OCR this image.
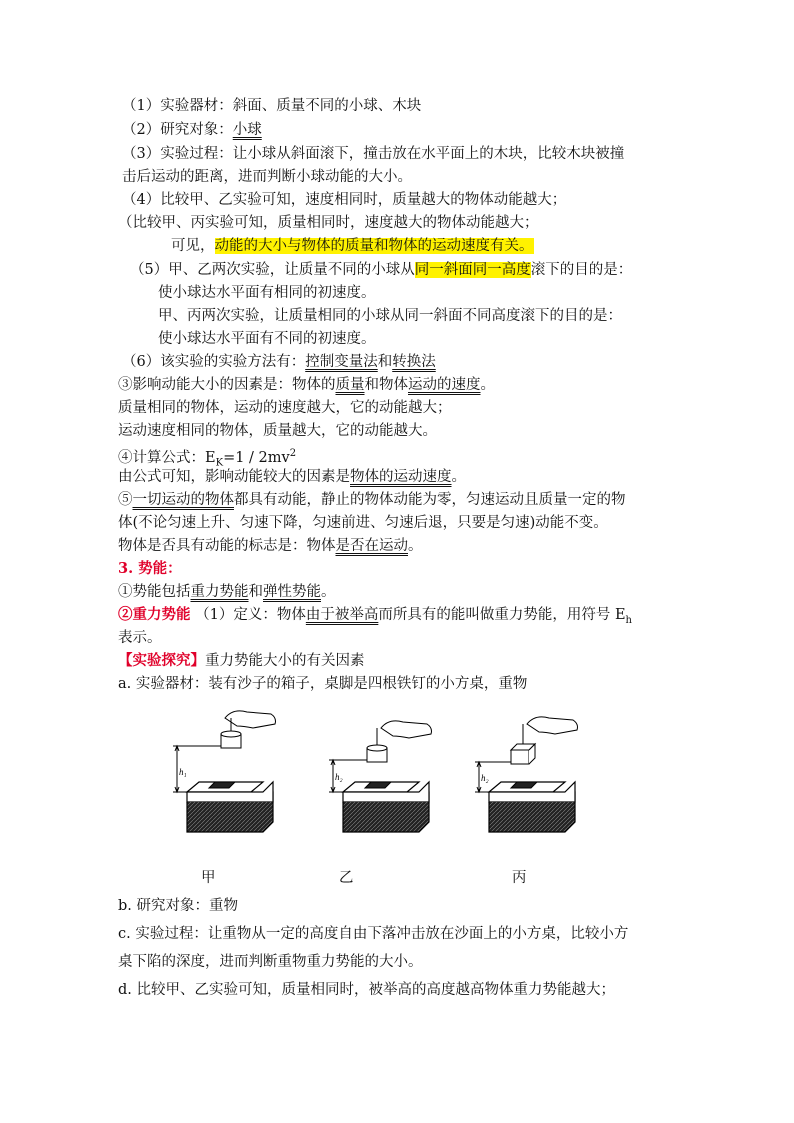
（1）实验器材：斜面、质量不同的小球、木块
（2）研究对象：小球
（3）实验过程：让小球从斜面滚下，撞击放在水平面上的木块，比较木块被撞
击后运动的距离，进而判断小球动能的大小。
（4）比较甲、乙实验可知，速度相同时，质量越大的物体动能越大；
（比较甲、丙实验可知，质量相同时，速度越大的物体动能越大；
可见，动能的大小与物体的质量和物体的运动速度有关。
（5）甲、乙两次实验，让质量不同的小球从同一斜面同一高度滚下的目的是：
使小球达水平面有相同的初速度。
甲、丙两次实验，让质量相同的小球从同一斜面不同高度滚下的目的是：
使小球达水平面有不同的初速度。
（6）该实验的实验方法有：控制变量法和转换法
③影响动能大小的因素是：物体的质量和物体运动的速度。
质量相同的物体，运动的速度越大，它的动能越大；
运动速度相同的物体，质量越大，它的动能越大。
④计算公式：$E_K=1 / 2mv^2$
由公式可知，影响动能较大的因素是物体的运动速度。
⑤一切运动的物体都具有动能，静止的物体动能为零，匀速运动且质量一定的物
体(不论匀速上升、匀速下降，匀速前进、匀速后退，只要是匀速)动能不变。
物体是否具有动能的标志是：物体是否在运动。
3. 势能：
①势能包括重力势能和弹性势能。
②重力势能 （1）定义：物体由于被举高而所具有的能叫做重力势能，用符号 $E_h$
表示。
【实验探究】重力势能大小的有关因素
a. 实验器材：装有沙子的箱子，桌脚是四根铁钉的小方桌，重物
h₁	h₂	h₂
甲	乙	丙
b. 研究对象：重物
c. 实验过程：让重物从一定的高度自由下落冲击放在沙面上的小方桌，比较小方
桌下陷的深度，进而判断重物重力势能的大小。
d. 比较甲、乙实验可知，质量相同时，被举高的高度越高物体重力势能越大；
